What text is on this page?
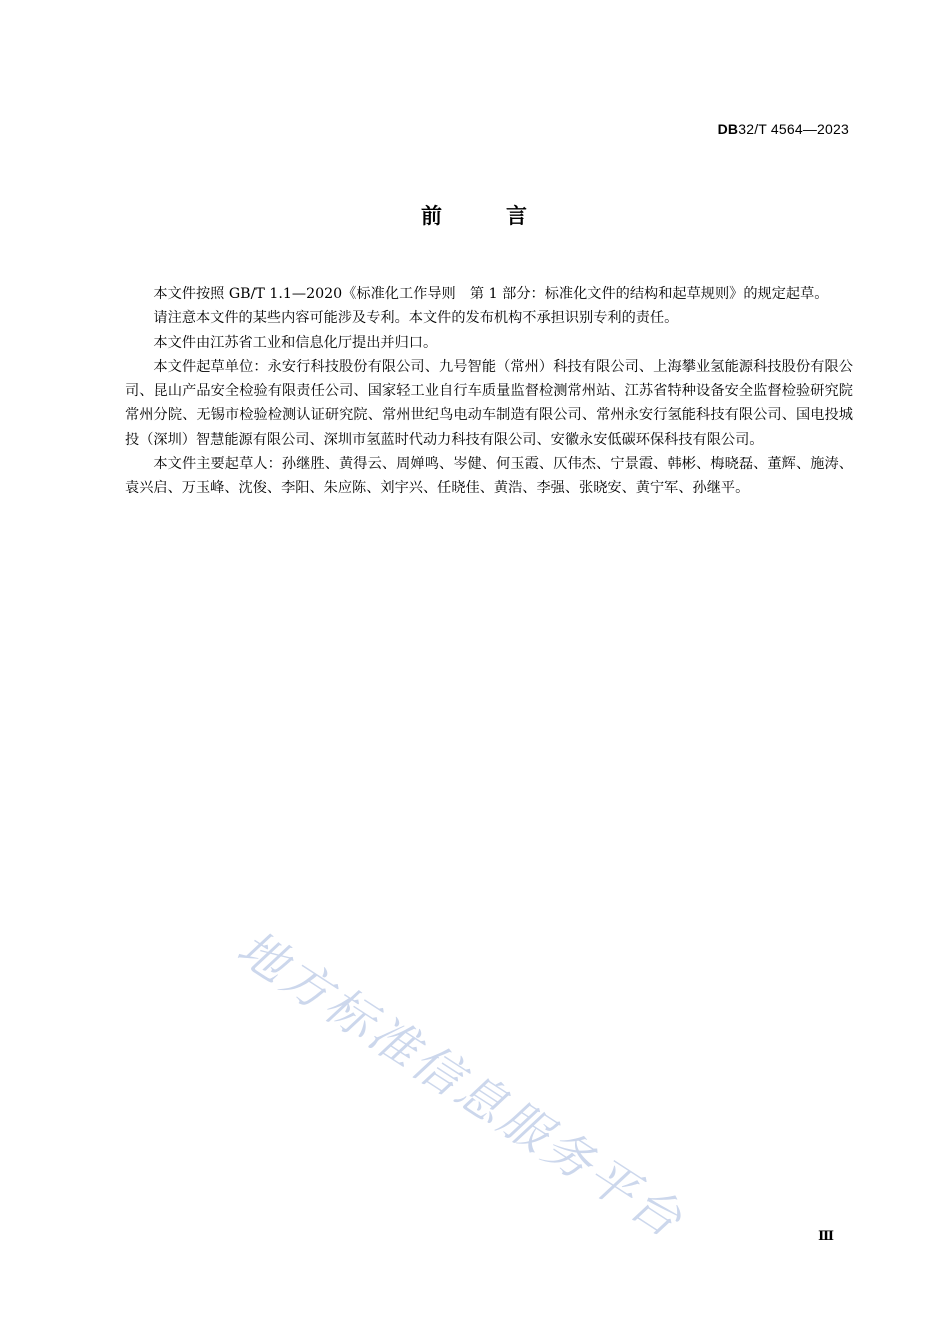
DB32/T 4564—2023
前	言

本文件按照 GB/T 1.1—2020《标准化工作导则　第 1 部分：标准化文件的结构和起草规则》的规定起草。

请注意本文件的某些内容可能涉及专利。本文件的发布机构不承担识别专利的责任。

本文件由江苏省工业和信息化厅提出并归口。

本文件起草单位：永安行科技股份有限公司、九号智能（常州）科技有限公司、上海攀业氢能源科技股份有限公司、昆山产品安全检验有限责任公司、国家轻工业自行车质量监督检测常州站、江苏省特种设备安全监督检验研究院常州分院、无锡市检验检测认证研究院、常州世纪鸟电动车制造有限公司、常州永安行氢能科技有限公司、国电投城投（深圳）智慧能源有限公司、深圳市氢蓝时代动力科技有限公司、安徽永安低碳环保科技有限公司。

本文件主要起草人：孙继胜、黄得云、周婵鸣、岑健、何玉霞、仄伟杰、宁景霞、韩彬、梅晓磊、董辉、施涛、袁兴启、万玉峰、沈俊、李阳、朱应陈、刘宇兴、任晓佳、黄浩、李强、张晓安、黄宁军、孙继平。

地方标准信息服务平台	Ⅲ
